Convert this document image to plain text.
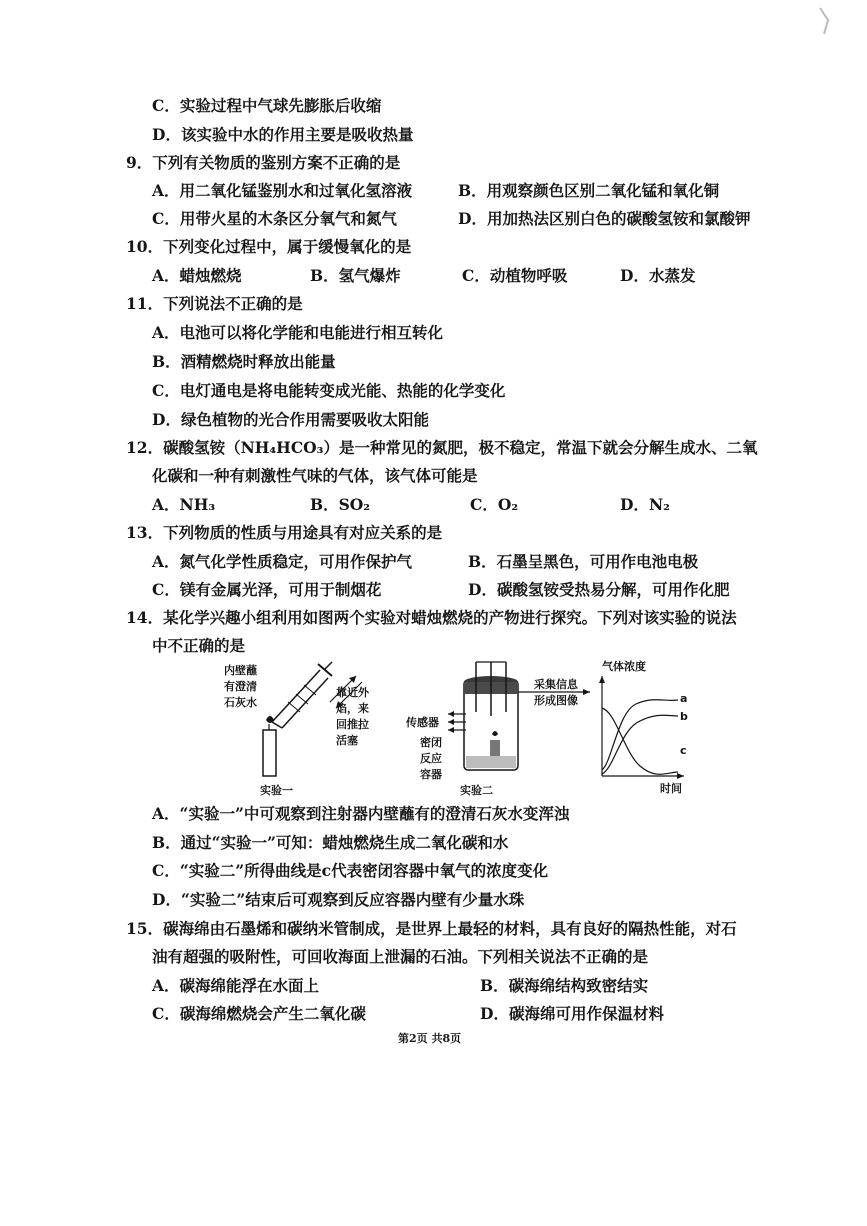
C．实验过程中气球先膨胀后收缩
D．该实验中水的作用主要是吸收热量
9．下列有关物质的鉴别方案不正确的是
A．用二氧化锰鉴别水和过氧化氢溶液	B．用观察颜色区别二氧化锰和氧化铜
C．用带火星的木条区分氧气和氮气	D．用加热法区别白色的碳酸氢铵和氯酸钾
10．下列变化过程中，属于缓慢氧化的是
A．蜡烛燃烧	B．氢气爆炸	C．动植物呼吸	D．水蒸发
11．下列说法不正确的是
A．电池可以将化学能和电能进行相互转化
B．酒精燃烧时释放出能量
C．电灯通电是将电能转变成光能、热能的化学变化
D．绿色植物的光合作用需要吸收太阳能
12．碳酸氢铵（NH₄HCO₃）是一种常见的氮肥，极不稳定，常温下就会分解生成水、二氧
化碳和一种有刺激性气味的气体，该气体可能是
A．NH₃	B．SO₂	C．O₂	D．N₂
13．下列物质的性质与用途具有对应关系的是
A．氮气化学性质稳定，可用作保护气	B．石墨呈黑色，可用作电池电极
C．镁有金属光泽，可用于制烟花	D．碳酸氢铵受热易分解，可用作化肥
14．某化学兴趣小组利用如图两个实验对蜡烛燃烧的产物进行探究。下列对该实验的说法
中不正确的是
内壁蘸
有澄清
石灰水
靠近外
焰，来
回推拉
活塞
实验一
传感器
密闭
反应
容器
实验二
采集信息
形成图像
气体浓度
a
b
c
时间
A．“实验一”中可观察到注射器内壁蘸有的澄清石灰水变浑浊
B．通过“实验一”可知：蜡烛燃烧生成二氧化碳和水
C．“实验二”所得曲线是c代表密闭容器中氧气的浓度变化
D．“实验二”结束后可观察到反应容器内壁有少量水珠
15．碳海绵由石墨烯和碳纳米管制成，是世界上最轻的材料，具有良好的隔热性能，对石
油有超强的吸附性，可回收海面上泄漏的石油。下列相关说法不正确的是
A．碳海绵能浮在水面上	B．碳海绵结构致密结实
C．碳海绵燃烧会产生二氧化碳	D．碳海绵可用作保温材料
第2页 共8页
